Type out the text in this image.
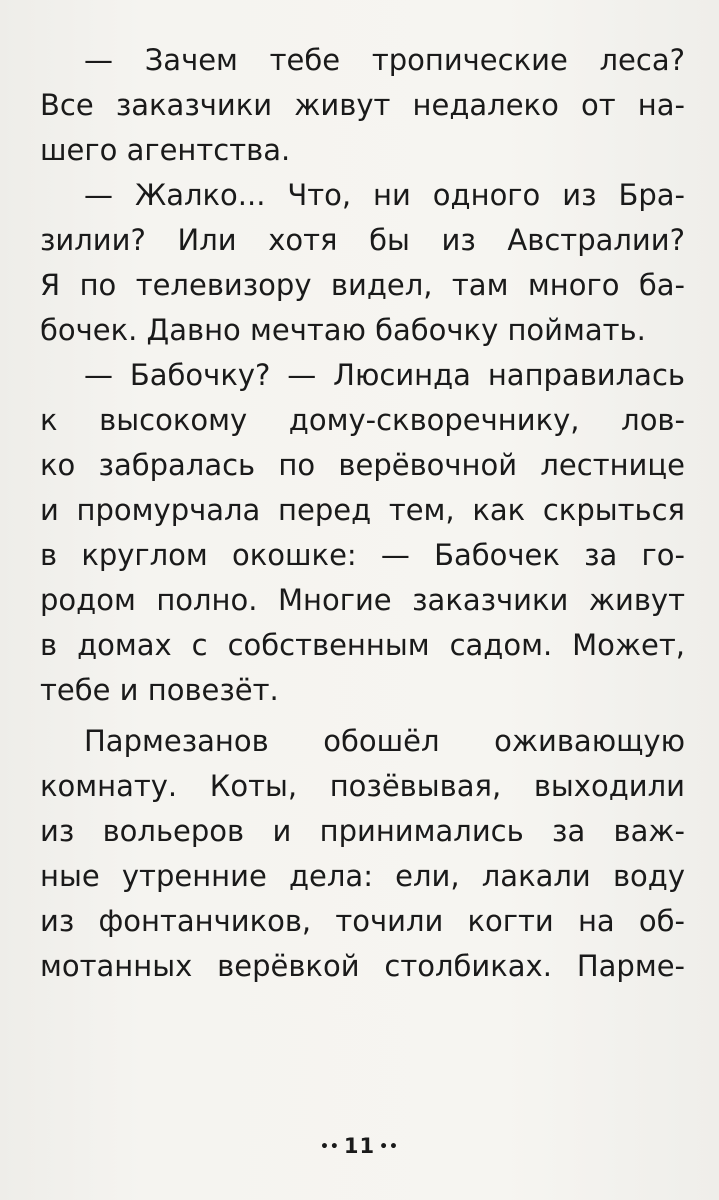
— Зачем тебе тропические леса?
Все заказчики живут недалеко от на-
шего агентства.
— Жалко... Что, ни одного из Бра-
зилии? Или хотя бы из Австралии?
Я по телевизору видел, там много ба-
бочек. Давно мечтаю бабочку поймать.
— Бабочку? — Люсинда направилась
к высокому дому-скворечнику, лов-
ко забралась по верёвочной лестнице
и промурчала перед тем, как скрыться
в круглом окошке: — Бабочек за го-
родом полно. Многие заказчики живут
в домах с собственным садом. Может,
тебе и повезёт.
Пармезанов обошёл оживающую
комнату. Коты, позёвывая, выходили
из вольеров и принимались за важ-
ные утренние дела: ели, лакали воду
из фонтанчиков, точили когти на об-
мотанных верёвкой столбиках. Парме-
•• 11 ••
